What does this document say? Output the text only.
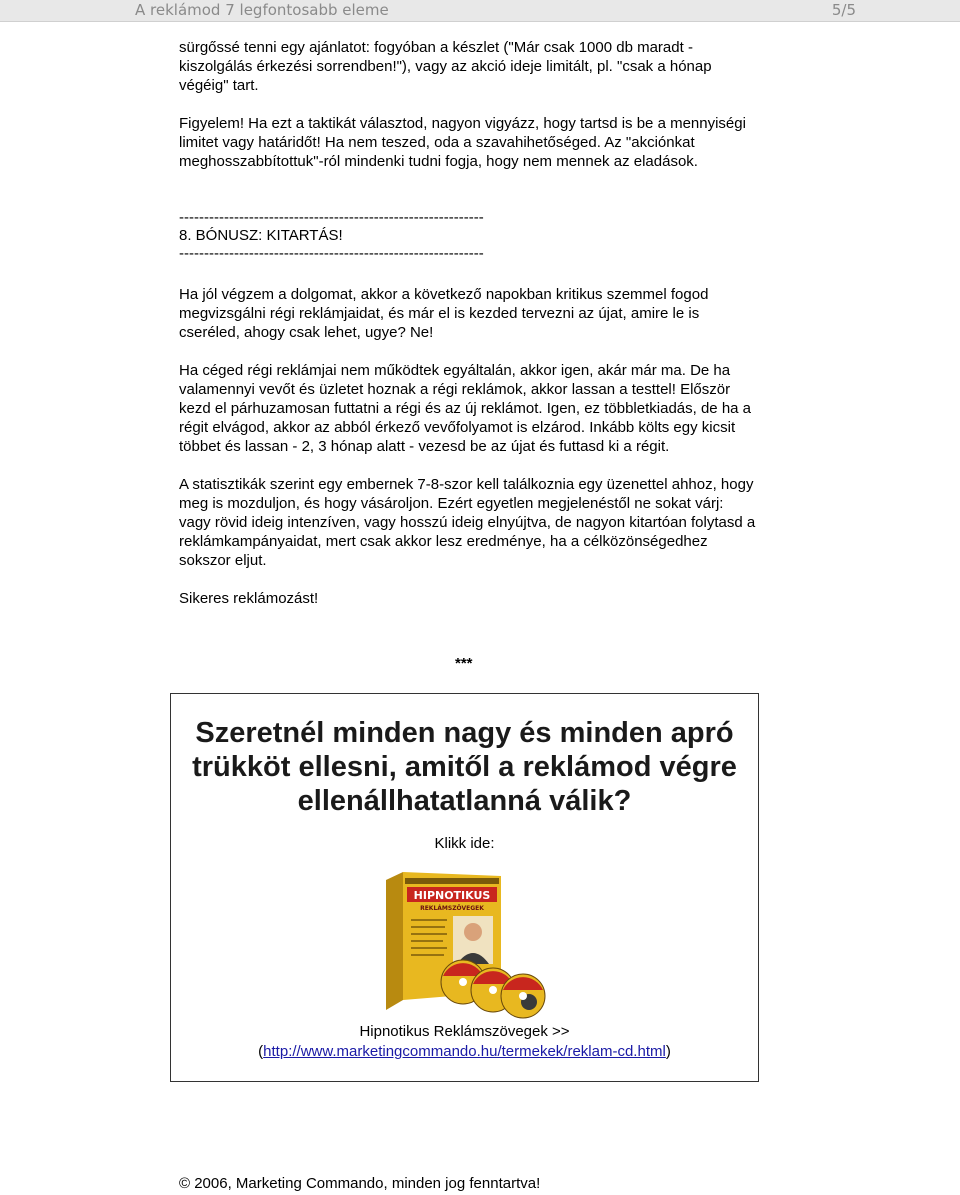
A reklámod 7 legfontosabb eleme	5/5

sürgőssé tenni egy ajánlatot: fogyóban a készlet ("Már csak 1000 db maradt - kiszolgálás érkezési sorrendben!"), vagy az akció ideje limitált, pl. "csak a hónap végéig" tart.

Figyelem! Ha ezt a taktikát választod, nagyon vigyázz, hogy tartsd is be a mennyiségi limitet vagy határidőt! Ha nem teszed, oda a szavahihetőséged. Az "akciónkat meghosszabbítottuk"-ról mindenki tudni fogja, hogy nem mennek az eladások.

-------------------------------------------------------------
8. BÓNUSZ: KITARTÁS!
-------------------------------------------------------------

Ha jól végzem a dolgomat, akkor a következő napokban kritikus szemmel fogod megvizsgálni régi reklámjaidat, és már el is kezded tervezni az újat, amire le is cseréled, ahogy csak lehet, ugye? Ne!

Ha céged régi reklámjai nem működtek egyáltalán, akkor igen, akár már ma. De ha valamennyi vevőt és üzletet hoznak a régi reklámok, akkor lassan a testtel! Először kezd el párhuzamosan futtatni a régi és az új reklámot. Igen, ez többletkiadás, de ha a régit elvágod, akkor az abból érkező vevőfolyamot is elzárod. Inkább költs egy kicsit többet és lassan - 2, 3 hónap alatt - vezesd be az újat és futtasd ki a régit.

A statisztikák szerint egy embernek 7-8-szor kell találkoznia egy üzenettel ahhoz, hogy meg is mozduljon, és hogy vásároljon. Ezért egyetlen megjelenéstől ne sokat várj: vagy rövid ideig intenzíven, vagy hosszú ideig elnyújtva, de nagyon kitartóan folytasd a reklámkampányaidat, mert csak akkor lesz eredménye, ha a célközönségedhez sokszor eljut.

Sikeres reklámozást!

***
Szeretnél minden nagy és minden apró trükköt ellesni, amitől a reklámod végre ellenállhatatlanná válik?
Klikk ide:
HIPNOTIKUS
REKLÁMSZÖVEGEK
Hipnotikus Reklámszövegek >>
(http://www.marketingcommando.hu/termekek/reklam-cd.html)
© 2006, Marketing Commando, minden jog fenntartva!
